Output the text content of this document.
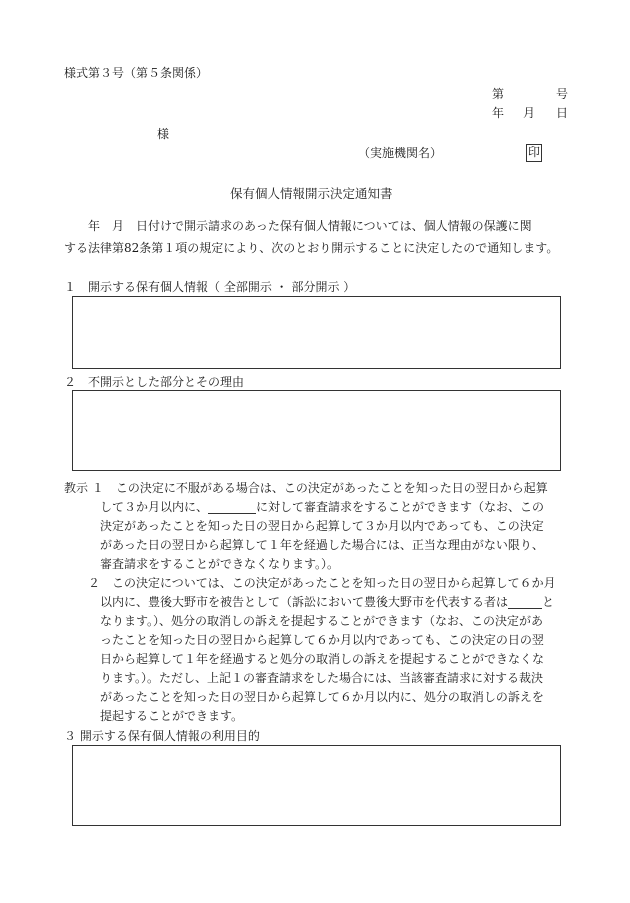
様式第３号（第５条関係）
第	号
年 月 日
様
（実施機関名）	印
保有個人情報開示決定通知書
　　年　月　日付けで開示請求のあった保有個人情報については、個人情報の保護に関
する法律第82条第１項の規定により、次のとおり開示することに決定したので通知します。
１　開示する保有個人情報（ 全部開示 ・ 部分開示 ）
２　不開示とした部分とその理由
教示 １　この決定に不服がある場合は、この決定があったことを知った日の翌日から起算
して３か月以内に、	に対して審査請求をすることができます（なお、この
決定があったことを知った日の翌日から起算して３か月以内であっても、この決定
があった日の翌日から起算して１年を経過した場合には、正当な理由がない限り、
審査請求をすることができなくなります。）。
２　この決定については、この決定があったことを知った日の翌日から起算して６か月
以内に、豊後大野市を被告として（訴訟において豊後大野市を代表する者は	と
なります。）、処分の取消しの訴えを提起することができます（なお、この決定があ
ったことを知った日の翌日から起算して６か月以内であっても、この決定の日の翌
日から起算して１年を経過すると処分の取消しの訴えを提起することができなくな
ります。）。ただし、上記１の審査請求をした場合には、当該審査請求に対する裁決
があったことを知った日の翌日から起算して６か月以内に、処分の取消しの訴えを
提起することができます。
３ 開示する保有個人情報の利用目的
